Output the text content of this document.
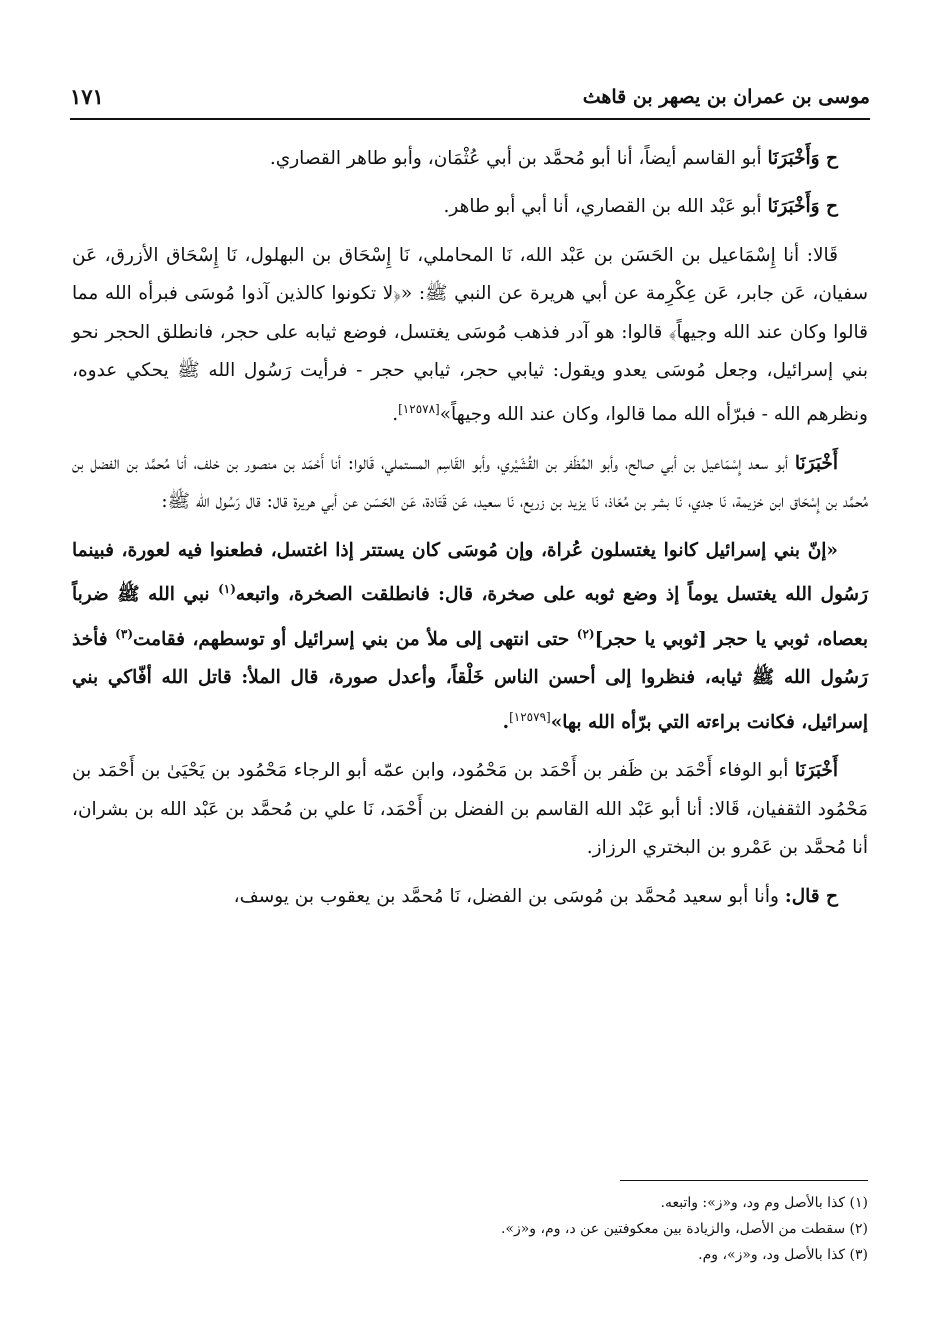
موسى بن عمران بن يصهر بن قاهث
١٧١

ح وَأَخْبَرَنَا أبو القاسم أيضاً، أنا أبو مُحمَّد بن أبي عُثْمَان، وأبو طاهر القصاري.

ح وَأَخْبَرَنَا أبو عَبْد الله بن القصاري، أنا أبي أبو طاهر.

قَالا: أنا إِسْمَاعيل بن الحَسَن بن عَبْد الله، نَا المحاملي، نَا إِسْحَاق بن البهلول، نَا إِسْحَاق الأزرق، عَن سفيان، عَن جابر، عَن عِكْرِمة عن أبي هريرة عن النبي ﷺ: «﴿لا تكونوا كالذين آذوا مُوسَى فبرأه الله مما قالوا وكان عند الله وجيهاً﴾ قالوا: هو آدر فذهب مُوسَى يغتسل، فوضع ثيابه على حجر، فانطلق الحجر نحو بني إسرائيل، وجعل مُوسَى يعدو ويقول: ثيابي حجر، ثيابي حجر - فرأيت رَسُول الله ﷺ يحكي عدوه، ونظرهم الله - فبرّأه الله مما قالوا، وكان عند الله وجيهاً»[١٢٥٧٨].

أَخْبَرَنَا أبو سعد إِسْمَاعيل بن أبي صالح، وأبو المُظَفر بن القُشَيْري، وأبو القَاسِم المستملي، قَالوا: أنا أَحْمَد بن منصور بن خلف، أنا مُحمَّد بن الفضل بن مُحمَّد بن إِسْحَاق ابن خزيمة، نَا جدي، نَا بشر بن مُعَاذ، نَا يزيد بن زريع، نَا سعيد، عَن قَتَادة، عَن الحَسَن عن أبي هريرة قال: قال رَسُول الله ﷺ:

«إنّ بني إسرائيل كانوا يغتسلون عُراة، وإن مُوسَى كان يستتر إذا اغتسل، فطعنوا فيه لعورة، فبينما رَسُول الله يغتسل يوماً إذ وضع ثوبه على صخرة، قال: فانطلقت الصخرة، واتبعه$^{(١)}$ نبي الله ﷺ ضرباً بعصاه، ثوبي يا حجر [ثوبي يا حجر]$^{(٢)}$ حتى انتهى إلى ملأ من بني إسرائيل أو توسطهم، فقامت$^{(٣)}$ فأخذ رَسُول الله ﷺ ثيابه، فنظروا إلى أحسن الناس خَلْقاً، وأعدل صورة، قال الملأ: قاتل الله أفّاكي بني إسرائيل، فكانت براءته التي برّأه الله بها»[١٢٥٧٩].

أَخْبَرَنَا أبو الوفاء أَحْمَد بن ظَفر بن أَحْمَد بن مَحْمُود، وابن عمّه أبو الرجاء مَحْمُود بن يَحْيَىٰ بن أَحْمَد بن مَحْمُود الثقفيان، قَالا: أنا أبو عَبْد الله القاسم بن الفضل بن أَحْمَد، نَا علي بن مُحمَّد بن عَبْد الله بن بشران، أنا مُحمَّد بن عَمْرو بن البختري الرزاز.

ح قال: وأنا أبو سعيد مُحمَّد بن مُوسَى بن الفضل، نَا مُحمَّد بن يعقوب بن يوسف،

(١) كذا بالأصل وم ود، و«ز»: واتبعه.

(٢) سقطت من الأصل، والزيادة بين معكوفتين عن د، وم، و«ز».

(٣) كذا بالأصل ود، و«ز»، وم.
